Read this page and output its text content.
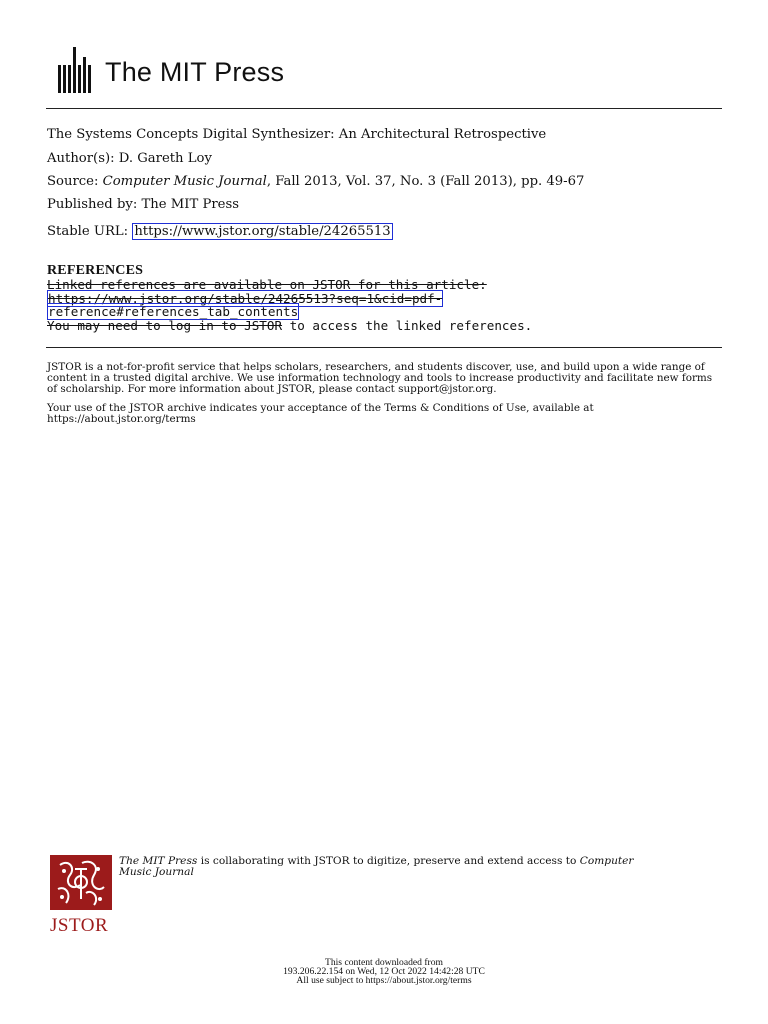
The MIT Press
The Systems Concepts Digital Synthesizer: An Architectural Retrospective
Author(s): D. Gareth Loy
Source: Computer Music Journal, Fall 2013, Vol. 37, No. 3 (Fall 2013), pp. 49-67
Published by: The MIT Press
Stable URL: https://www.jstor.org/stable/24265513
REFERENCES
Linked references are available on JSTOR for this article:
https://www.jstor.org/stable/24265513?seq=1&cid=pdf-
reference#references_tab_contents
You may need to log in to JSTOR to access the linked references.
JSTOR is a not-for-profit service that helps scholars, researchers, and students discover, use, and build upon a wide range of content in a trusted digital archive. We use information technology and tools to increase productivity and facilitate new forms of scholarship. For more information about JSTOR, please contact support@jstor.org.
Your use of the JSTOR archive indicates your acceptance of the Terms & Conditions of Use, available at
https://about.jstor.org/terms
JSTOR
The MIT Press is collaborating with JSTOR to digitize, preserve and extend access to Computer
Music Journal
This content downloaded from
193.206.22.154 on Wed, 12 Oct 2022 14:42:28 UTC
All use subject to https://about.jstor.org/terms
